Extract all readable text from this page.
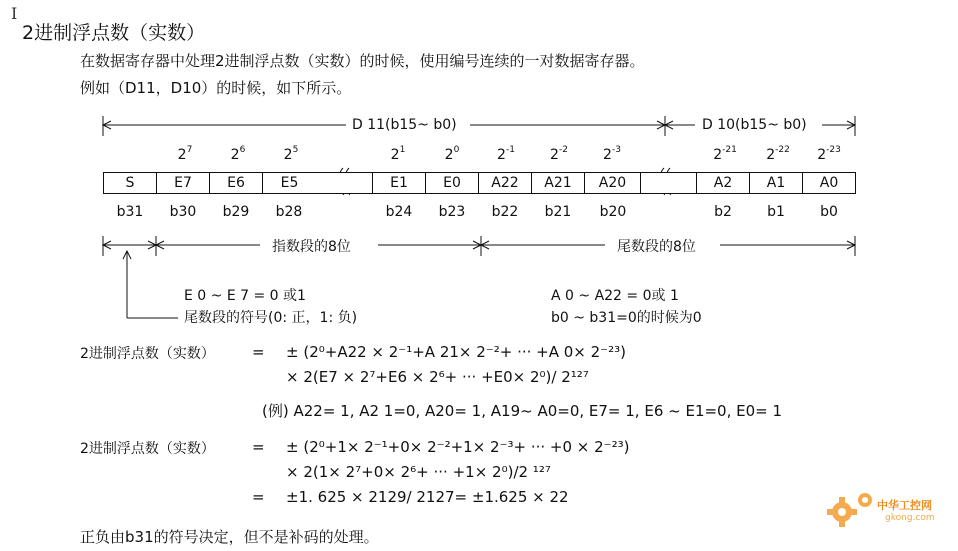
I
2进制浮点数（实数）
在数据寄存器中处理2进制浮点数（实数）的时候，使用编号连续的一对数据寄存器。
例如（D11，D10）的时候，如下所示。
D 11(b15~ b0)	D 10(b15~ b0)
$2^7$	$2^6$	$2^5$	$2^1$	$2^0$	$2^{-1}$	$2^{-2}$	$2^{-3}$	$2^{-21}$	$2^{-22}$	$2^{-23}$
S	E7	E6	E5	E1	E0	A22	A21	A20	A2	A1	A0
b31	b30	b29	b28	b24	b23	b22	b21	b20	b2	b1	b0
指数段的8位	尾数段的8位
E 0 ~ E 7 = 0 或1
尾数段的符号(0: 正，1: 负)
A 0 ~ A22 = 0或 1
b0 ~ b31=0的时候为0
2进制浮点数（实数） = ± (2⁰+A22 × 2⁻¹+A 21× 2⁻²+ ··· +A 0× 2⁻²³)
× 2(E7 × 2⁷+E6 × 2⁶+ ··· +E0× 2⁰)/ 2¹²⁷
(例) A22= 1, A2 1=0, A20= 1, A19~ A0=0, E7= 1, E6 ~ E1=0, E0= 1
2进制浮点数（实数） = ± (2⁰+1× 2⁻¹+0× 2⁻²+1× 2⁻³+ ··· +0 × 2⁻²³)
× 2(1× 2⁷+0× 2⁶+ ··· +1× 2⁰)/2 ¹²⁷
= ±1. 625 × 2129/ 2127= ±1.625 × 22
正负由b31的符号决定，但不是补码的处理。
中华工控网
gkong.com
